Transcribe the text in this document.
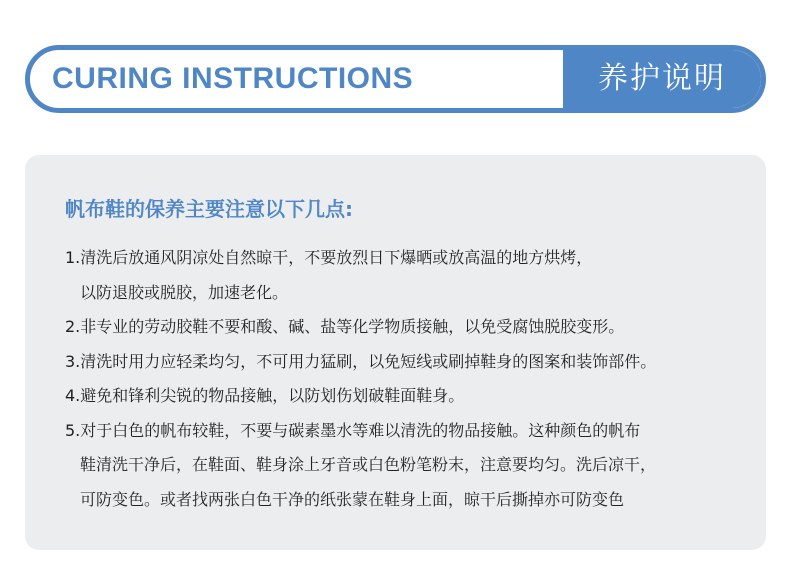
CURING INSTRUCTIONS	养护说明
帆布鞋的保养主要注意以下几点:
1.清洗后放通风阴凉处自然晾干，不要放烈日下爆晒或放高温的地方烘烤，
以防退胶或脱胶，加速老化。
2.非专业的劳动胶鞋不要和酸、碱、盐等化学物质接触，以免受腐蚀脱胶变形。
3.清洗时用力应轻柔均匀，不可用力猛刷，以免短线或刷掉鞋身的图案和装饰部件。
4.避免和锋利尖锐的物品接触，以防划伤划破鞋面鞋身。
5.对于白色的帆布较鞋，不要与碳素墨水等难以清洗的物品接触。这种颜色的帆布
鞋清洗干净后，在鞋面、鞋身涂上牙音或白色粉笔粉末，注意要均匀。洗后凉干，
可防变色。或者找两张白色干净的纸张蒙在鞋身上面，晾干后撕掉亦可防变色
